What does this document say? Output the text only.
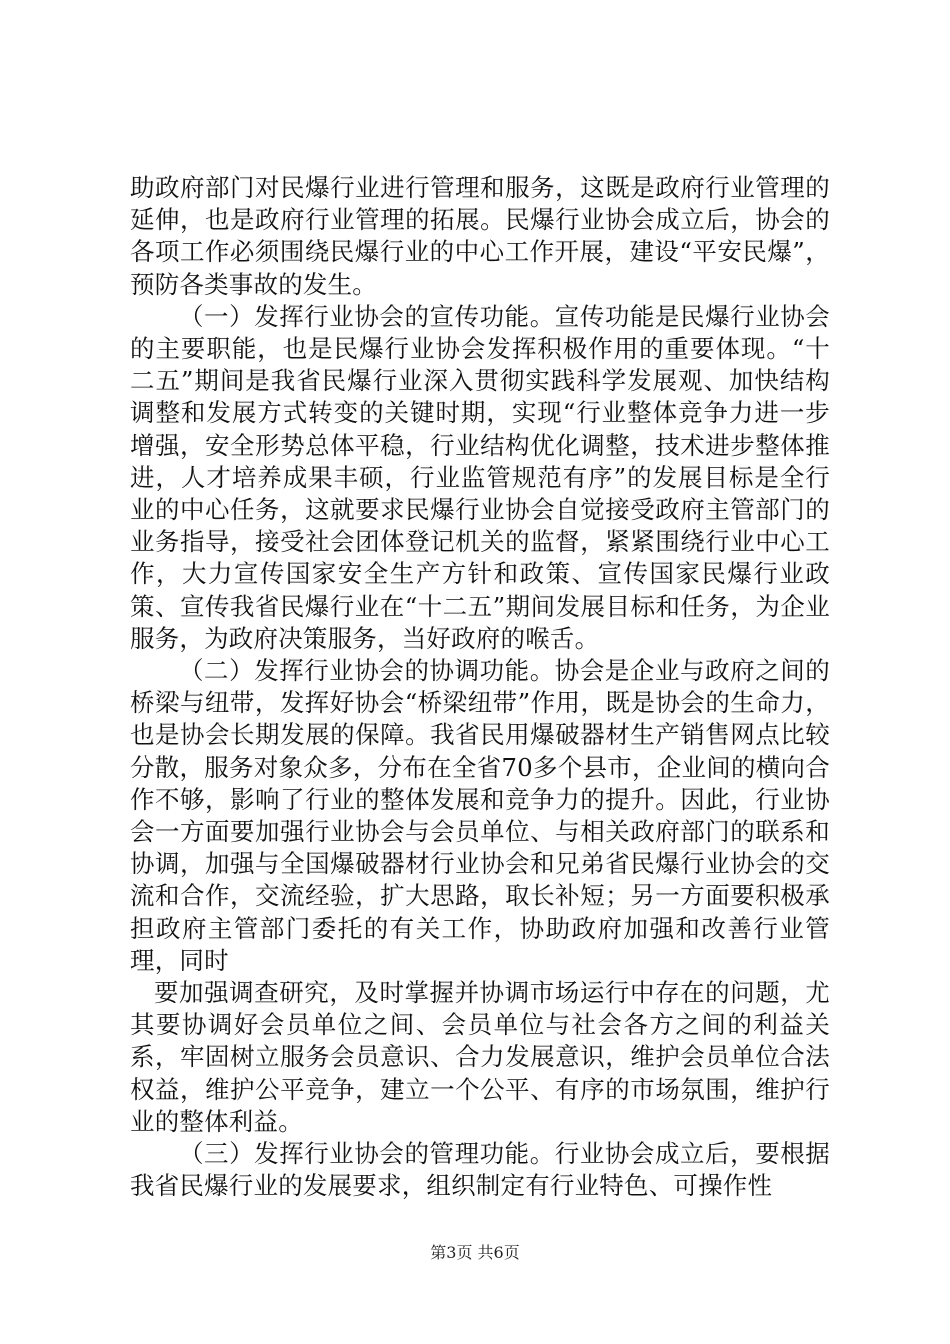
助政府部门对民爆行业进行管理和服务，这既是政府行业管理的延伸，也是政府行业管理的拓展。民爆行业协会成立后，协会的各项工作必须围绕民爆行业的中心工作开展，建设“平安民爆”，预防各类事故的发生。

（一）发挥行业协会的宣传功能。宣传功能是民爆行业协会的主要职能，也是民爆行业协会发挥积极作用的重要体现。“十二五”期间是我省民爆行业深入贯彻实践科学发展观、加快结构调整和发展方式转变的关键时期，实现“行业整体竞争力进一步增强，安全形势总体平稳，行业结构优化调整，技术进步整体推进，人才培养成果丰硕，行业监管规范有序”的发展目标是全行业的中心任务，这就要求民爆行业协会自觉接受政府主管部门的业务指导，接受社会团体登记机关的监督，紧紧围绕行业中心工作，大力宣传国家安全生产方针和政策、宣传国家民爆行业政策、宣传我省民爆行业在“十二五”期间发展目标和任务，为企业服务，为政府决策服务，当好政府的喉舌。

（二）发挥行业协会的协调功能。协会是企业与政府之间的桥梁与纽带，发挥好协会“桥梁纽带”作用，既是协会的生命力，也是协会长期发展的保障。我省民用爆破器材生产销售网点比较分散，服务对象众多，分布在全省70多个县市，企业间的横向合作不够，影响了行业的整体发展和竞争力的提升。因此，行业协会一方面要加强行业协会与会员单位、与相关政府部门的联系和协调，加强与全国爆破器材行业协会和兄弟省民爆行业协会的交流和合作，交流经验，扩大思路，取长补短；另一方面要积极承担政府主管部门委托的有关工作，协助政府加强和改善行业管理，同时

要加强调查研究，及时掌握并协调市场运行中存在的问题，尤其要协调好会员单位之间、会员单位与社会各方之间的利益关系，牢固树立服务会员意识、合力发展意识，维护会员单位合法权益，维护公平竞争，建立一个公平、有序的市场氛围，维护行业的整体利益。

（三）发挥行业协会的管理功能。行业协会成立后，要根据我省民爆行业的发展要求，组织制定有行业特色、可操作性

第3页 共6页
